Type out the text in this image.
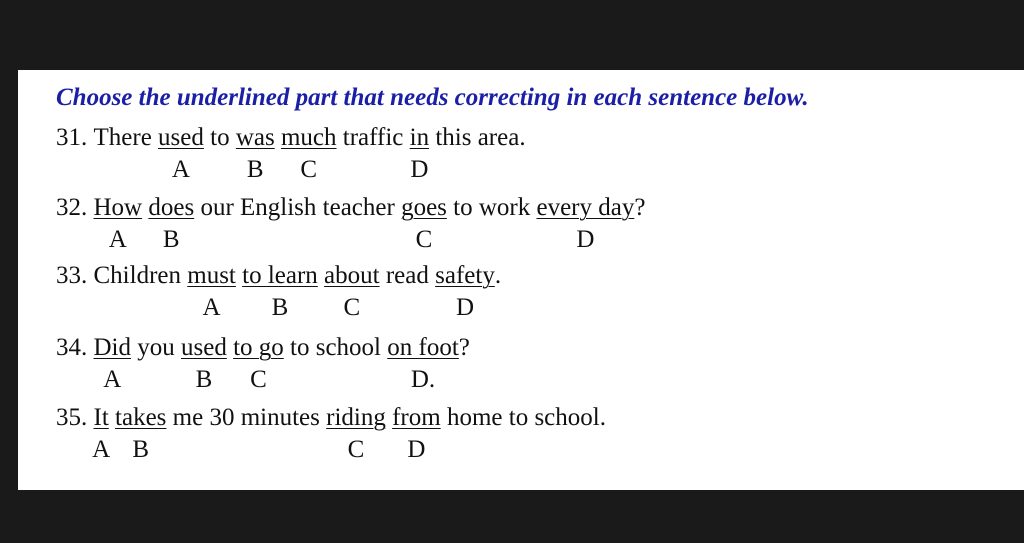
Choose the underlined part that needs correcting in each sentence below.

31. There used
A
to was
B
much
C
traffic in
D
this area.
32. How
A
does
B
our English teacher goes
C
to work every day
D
?
33. Children must
A
to learn
B
about
C
read safety
D
.
34. Did
A
you used
B
to go
C
to school on foot
D.
?
35. It
A
takes
B
me 30 minutes riding
C
from
D
home to school.
